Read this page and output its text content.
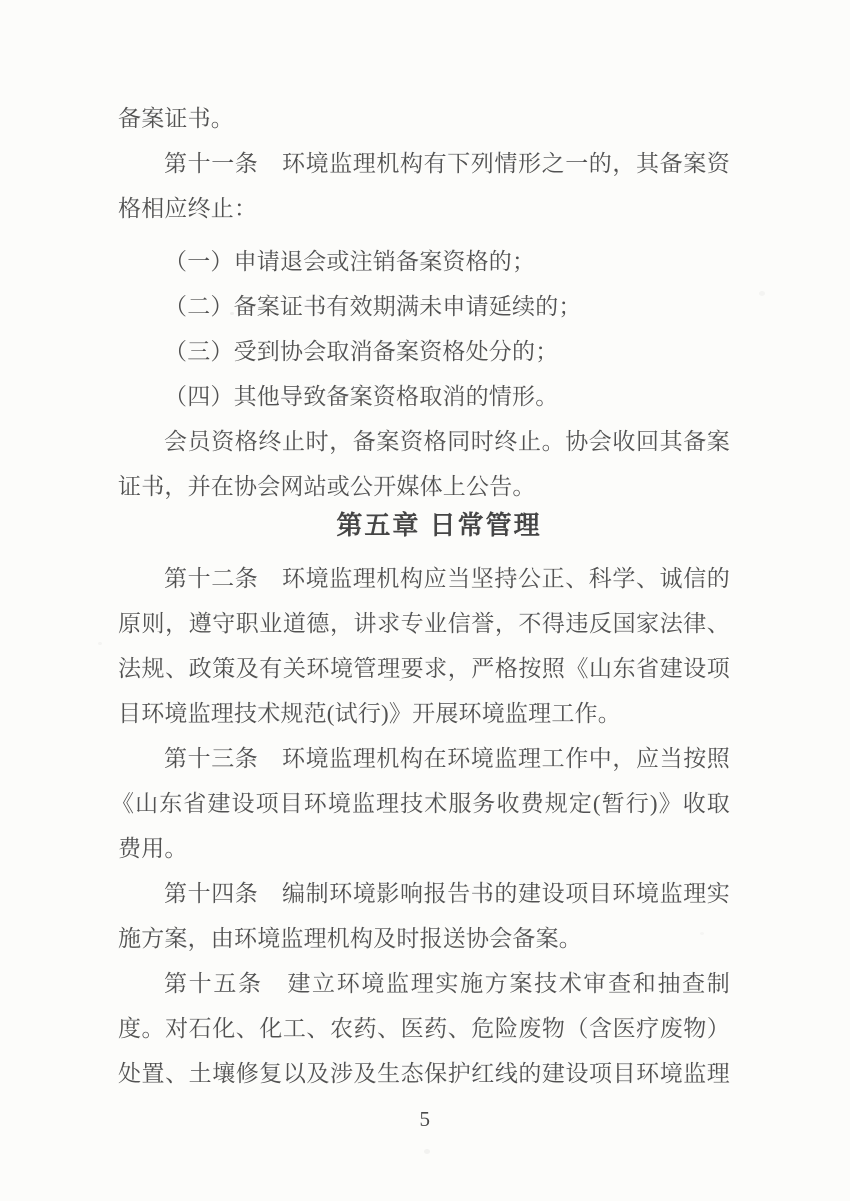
备案证书。
第十一条　环境监理机构有下列情形之一的，其备案资
格相应终止：
（一）申请退会或注销备案资格的；
（二）备案证书有效期满未申请延续的；
（三）受到协会取消备案资格处分的；
（四）其他导致备案资格取消的情形。
会员资格终止时，备案资格同时终止。协会收回其备案
证书，并在协会网站或公开媒体上公告。
第五章 日常管理
第十二条　环境监理机构应当坚持公正、科学、诚信的
原则，遵守职业道德，讲求专业信誉，不得违反国家法律、
法规、政策及有关环境管理要求，严格按照《山东省建设项
目环境监理技术规范(试行)》开展环境监理工作。
第十三条　环境监理机构在环境监理工作中，应当按照
《山东省建设项目环境监理技术服务收费规定(暂行)》收取
费用。
第十四条　编制环境影响报告书的建设项目环境监理实
施方案，由环境监理机构及时报送协会备案。
第十五条　建立环境监理实施方案技术审查和抽查制
度。对石化、化工、农药、医药、危险废物（含医疗废物）
处置、土壤修复以及涉及生态保护红线的建设项目环境监理
5
